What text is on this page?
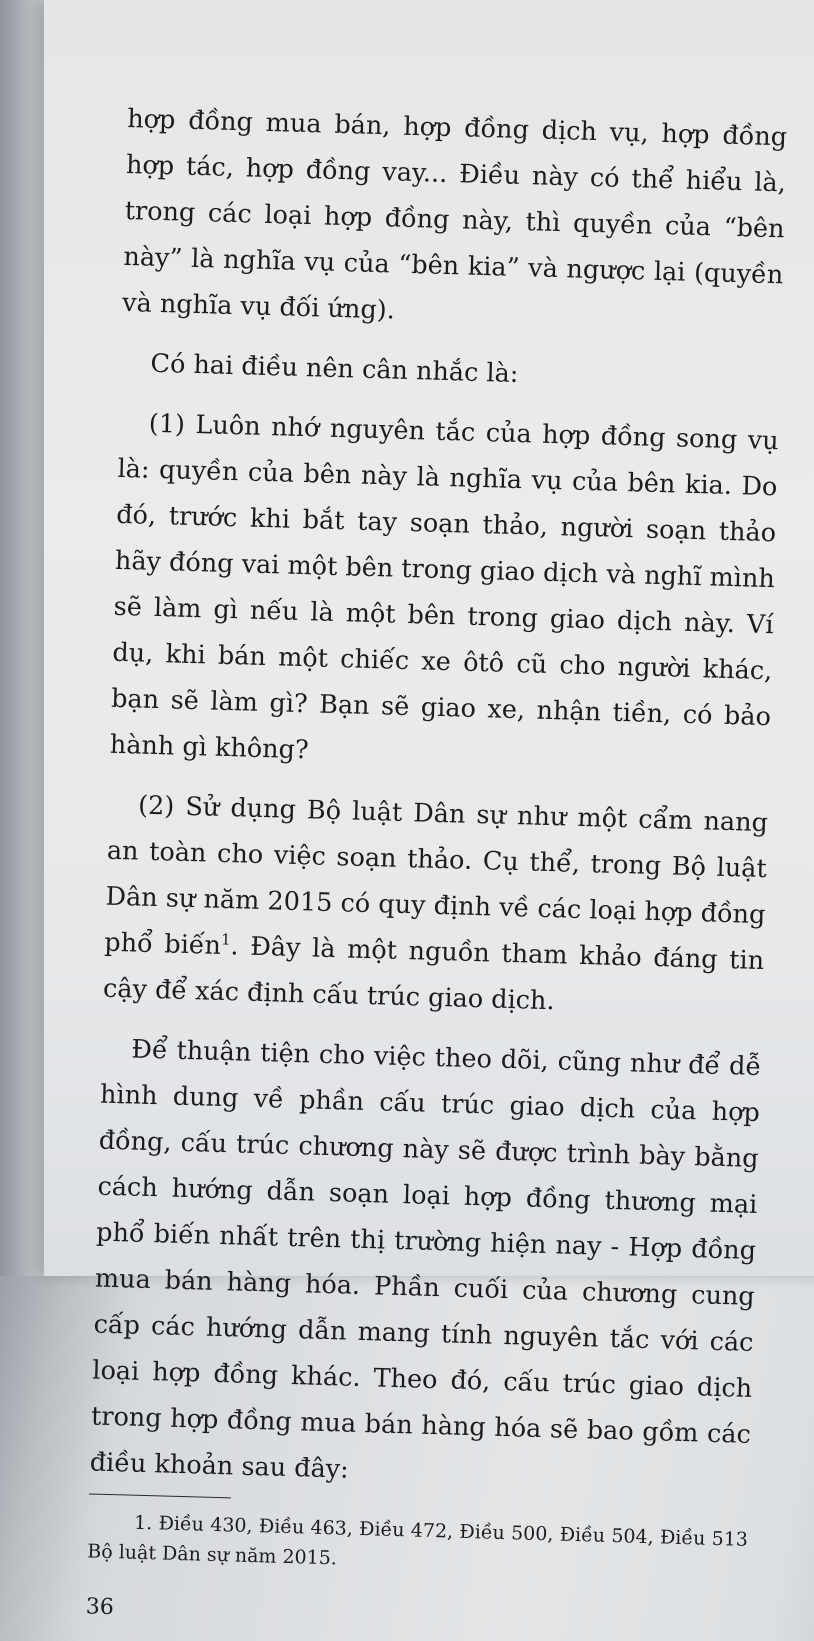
hợp đồng mua bán, hợp đồng dịch vụ, hợp đồng hợp tác, hợp đồng vay... Điều này có thể hiểu là, trong các loại hợp đồng này, thì quyền của “bên này” là nghĩa vụ của “bên kia” và ngược lại (quyền và nghĩa vụ đối ứng).

Có hai điều nên cân nhắc là:

(1) Luôn nhớ nguyên tắc của hợp đồng song vụ là: quyền của bên này là nghĩa vụ của bên kia. Do đó, trước khi bắt tay soạn thảo, người soạn thảo hãy đóng vai một bên trong giao dịch và nghĩ mình sẽ làm gì nếu là một bên trong giao dịch này. Ví dụ, khi bán một chiếc xe ôtô cũ cho người khác, bạn sẽ làm gì? Bạn sẽ giao xe, nhận tiền, có bảo hành gì không?

(2) Sử dụng Bộ luật Dân sự như một cẩm nang an toàn cho việc soạn thảo. Cụ thể, trong Bộ luật Dân sự năm 2015 có quy định về các loại hợp đồng phổ biến$^1$. Đây là một nguồn tham khảo đáng tin cậy để xác định cấu trúc giao dịch.

Để thuận tiện cho việc theo dõi, cũng như để dễ hình dung về phần cấu trúc giao dịch của hợp đồng, cấu trúc chương này sẽ được trình bày bằng cách hướng dẫn soạn loại hợp đồng thương mại phổ biến nhất trên thị trường hiện nay - Hợp đồng mua bán hàng hóa. Phần cuối của chương cung cấp các hướng dẫn mang tính nguyên tắc với các loại hợp đồng khác. Theo đó, cấu trúc giao dịch trong hợp đồng mua bán hàng hóa sẽ bao gồm các điều khoản sau đây:

1. Điều 430, Điều 463, Điều 472, Điều 500, Điều 504, Điều 513 Bộ luật Dân sự năm 2015.

36
